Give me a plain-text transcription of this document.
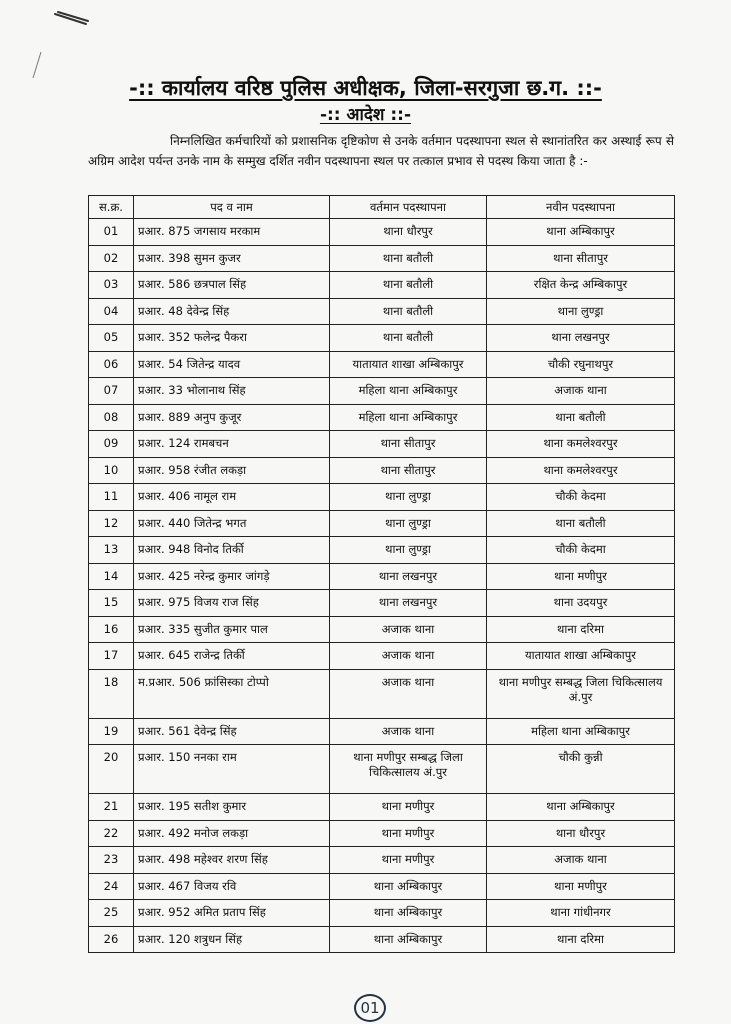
-:: कार्यालय वरिष्ठ पुलिस अधीक्षक, जिला-सरगुजा छ.ग. ::-
-:: आदेश ::-
निम्नलिखित कर्मचारियों को प्रशासनिक दृष्टिकोण से उनके वर्तमान पदस्थापना स्थल से स्थानांतरित कर अस्थाई रूप से अग्रिम आदेश पर्यन्त उनके नाम के सम्मुख दर्शित नवीन पदस्थापना स्थल पर तत्काल प्रभाव से पदस्थ किया जाता है :-
स.क्र.	पद व नाम	वर्तमान पदस्थापना	नवीन पदस्थापना
01	प्रआर. 875 जगसाय मरकाम	थाना धौरपुर	थाना अम्बिकापुर
02	प्रआर. 398 सुमन कुजर	थाना बतौली	थाना सीतापुर
03	प्रआर. 586 छत्रपाल सिंह	थाना बतौली	रक्षित केन्द्र अम्बिकापुर
04	प्रआर. 48 देवेन्द्र सिंह	थाना बतौली	थाना लुण्ड्रा
05	प्रआर. 352 फलेन्द्र पैकरा	थाना बतौली	थाना लखनपुर
06	प्रआर. 54 जितेन्द्र यादव	यातायात शाखा अम्बिकापुर	चौकी रघुनाथपुर
07	प्रआर. 33 भोलानाथ सिंह	महिला थाना अम्बिकापुर	अजाक थाना
08	प्रआर. 889 अनुप कुजूर	महिला थाना अम्बिकापुर	थाना बतौली
09	प्रआर. 124 रामबचन	थाना सीतापुर	थाना कमलेश्वरपुर
10	प्रआर. 958 रंजीत लकड़ा	थाना सीतापुर	थाना कमलेश्वरपुर
11	प्रआर. 406 नामूल राम	थाना लुण्ड्रा	चौकी केदमा
12	प्रआर. 440 जितेन्द्र भगत	थाना लुण्ड्रा	थाना बतौली
13	प्रआर. 948 विनोद तिर्की	थाना लुण्ड्रा	चौकी केदमा
14	प्रआर. 425 नरेन्द्र कुमार जांगड़े	थाना लखनपुर	थाना मणीपुर
15	प्रआर. 975 विजय राज सिंह	थाना लखनपुर	थाना उदयपुर
16	प्रआर. 335 सुजीत कुमार पाल	अजाक थाना	थाना दरिमा
17	प्रआर. 645 राजेन्द्र तिर्की	अजाक थाना	यातायात शाखा अम्बिकापुर
18	म.प्रआर. 506 फ्रांसिस्का टोप्पो	अजाक थाना	थाना मणीपुर सम्बद्ध जिला चिकित्सालय अं.पुर
19	प्रआर. 561 देवेन्द्र सिंह	अजाक थाना	महिला थाना अम्बिकापुर
20	प्रआर. 150 ननका राम	थाना मणीपुर सम्बद्ध जिला चिकित्सालय अं.पुर	चौकी कुन्नी
21	प्रआर. 195 सतीश कुमार	थाना मणीपुर	थाना अम्बिकापुर
22	प्रआर. 492 मनोज लकड़ा	थाना मणीपुर	थाना धौरपुर
23	प्रआर. 498 महेश्वर शरण सिंह	थाना मणीपुर	अजाक थाना
24	प्रआर. 467 विजय रवि	थाना अम्बिकापुर	थाना मणीपुर
25	प्रआर. 952 अमित प्रताप सिंह	थाना अम्बिकापुर	थाना गांधीनगर
26	प्रआर. 120 शत्रुधन सिंह	थाना अम्बिकापुर	थाना दरिमा
01
